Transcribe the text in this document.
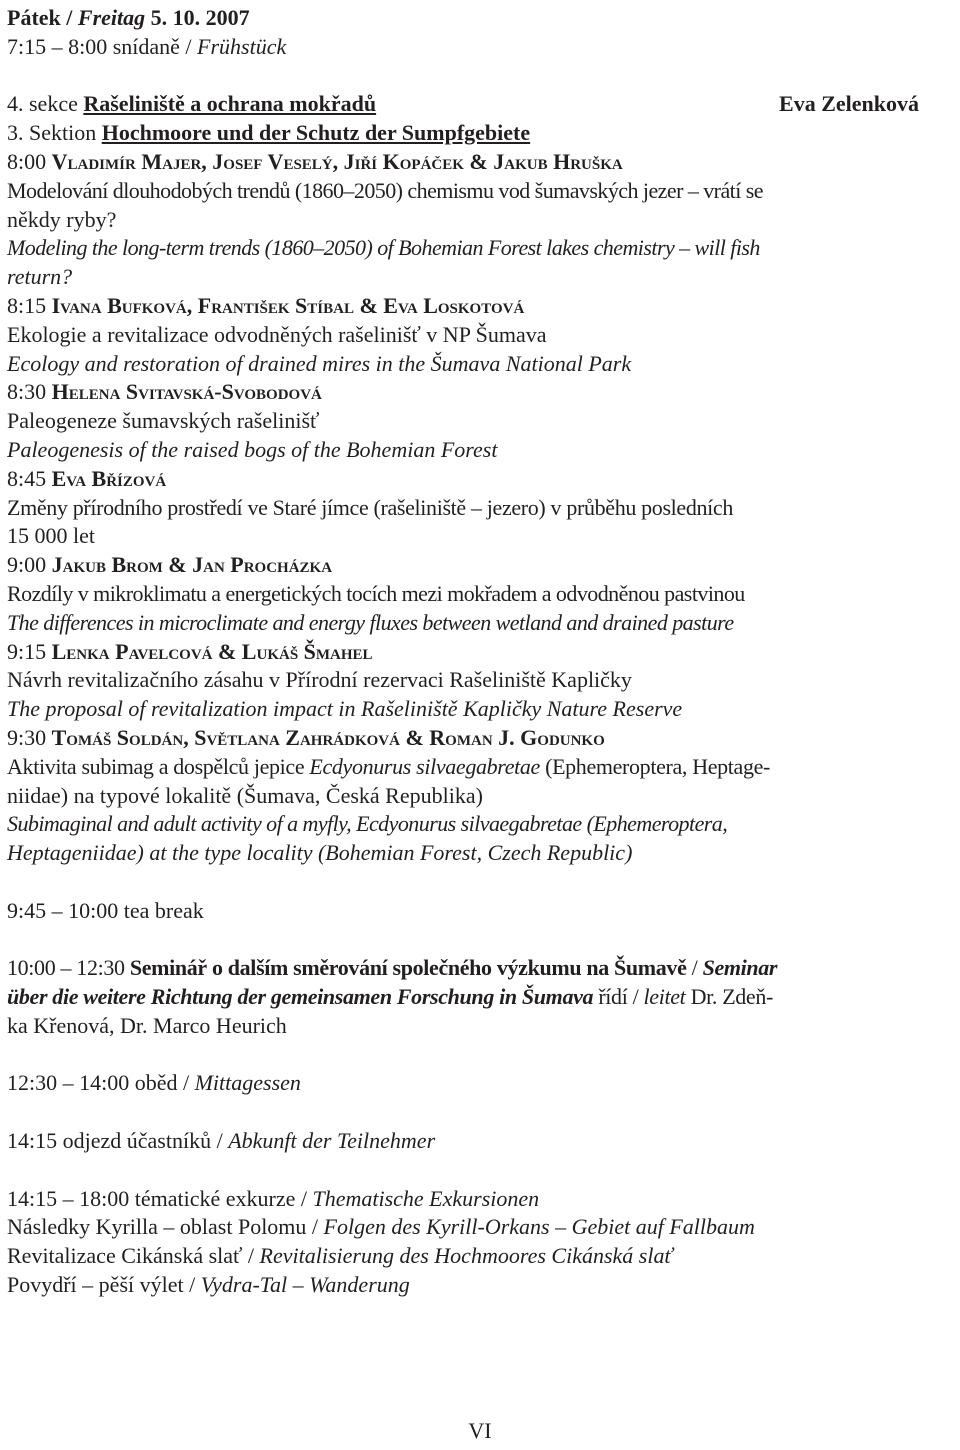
Pátek / Freitag 5. 10. 2007
7:15 – 8:00 snídaně / Frühstück
4. sekce Rašeliniště a ochrana mokřadů	Eva Zelenková
3. Sektion Hochmoore und der Schutz der Sumpfgebiete
8:00 Vladimír Majer, Josef Veselý, Jiří Kopáček & Jakub Hruška
Modelování dlouhodobých trendů (1860–2050) chemismu vod šumavských jezer – vrátí se
někdy ryby?
Modeling the long-term trends (1860–2050) of Bohemian Forest lakes chemistry – will fish
return?
8:15 Ivana Bufková, František Stíbal & Eva Loskotová
Ekologie a revitalizace odvodněných rašelinišť v NP Šumava
Ecology and restoration of drained mires in the Šumava National Park
8:30 Helena Svitavská-Svobodová
Paleogeneze šumavských rašelinišť
Paleogenesis of the raised bogs of the Bohemian Forest
8:45 Eva Břízová
Změny přírodního prostředí ve Staré jímce (rašeliniště – jezero) v průběhu posledních
15 000 let
9:00 Jakub Brom & Jan Procházka
Rozdíly v mikroklimatu a energetických tocích mezi mokřadem a odvodněnou pastvinou
The differences in microclimate and energy fluxes between wetland and drained pasture
9:15 Lenka Pavelcová & Lukáš Šmahel
Návrh revitalizačního zásahu v Přírodní rezervaci Rašeliniště Kapličky
The proposal of revitalization impact in Rašeliniště Kapličky Nature Reserve
9:30 Tomáš Soldán, Světlana Zahrádková & Roman J. Godunko
Aktivita subimag a dospělců jepice Ecdyonurus silvaegabretae (Ephemeroptera, Heptage-
niidae) na typové lokalitě (Šumava, Česká Republika)
Subimaginal and adult activity of a myfly, Ecdyonurus silvaegabretae (Ephemeroptera,
Heptageniidae) at the type locality (Bohemian Forest, Czech Republic)
9:45 – 10:00 tea break
10:00 – 12:30 Seminář o dalším směrování společného výzkumu na Šumavě / Seminar
über die weitere Richtung der gemeinsamen Forschung in Šumava řídí / leitet Dr. Zdeň-
ka Křenová, Dr. Marco Heurich
12:30 – 14:00 oběd / Mittagessen
14:15 odjezd účastníků / Abkunft der Teilnehmer
14:15 – 18:00 tématické exkurze / Thematische Exkursionen
Následky Kyrilla – oblast Polomu / Folgen des Kyrill-Orkans – Gebiet auf Fallbaum
Revitalizace Cikánská slať / Revitalisierung des Hochmoores Cikánská slať
Povydří – pěší výlet / Vydra-Tal – Wanderung
VI
